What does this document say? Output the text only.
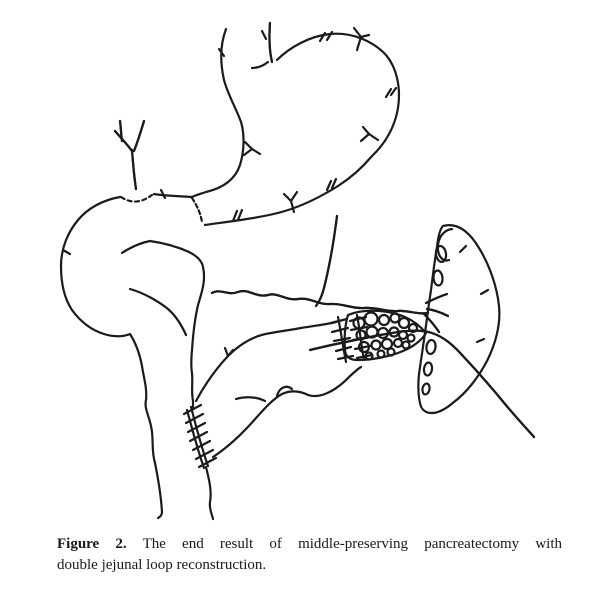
Figure 2. The end result of middle-preserving pancreatectomy with
double jejunal loop reconstruction.
